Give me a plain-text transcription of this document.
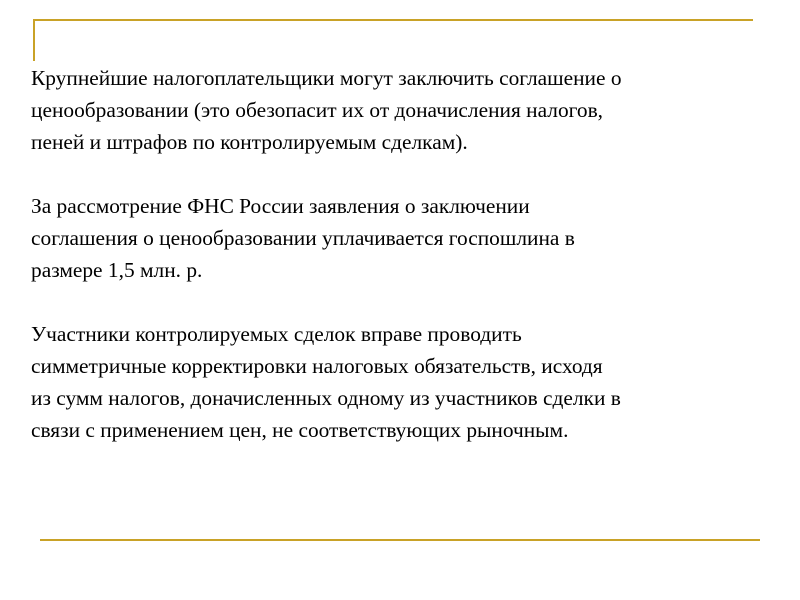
Крупнейшие налогоплательщики могут заключить соглашение о
ценообразовании (это обезопасит их от доначисления налогов,
пеней и штрафов по контролируемым сделкам).

За рассмотрение ФНС России заявления о заключении
соглашения о ценообразовании уплачивается госпошлина в
размере 1,5 млн. р.

Участники контролируемых сделок вправе проводить
симметричные корректировки налоговых обязательств, исходя
из сумм налогов, доначисленных одному из участников сделки в
связи с применением цен, не соответствующих рыночным.
